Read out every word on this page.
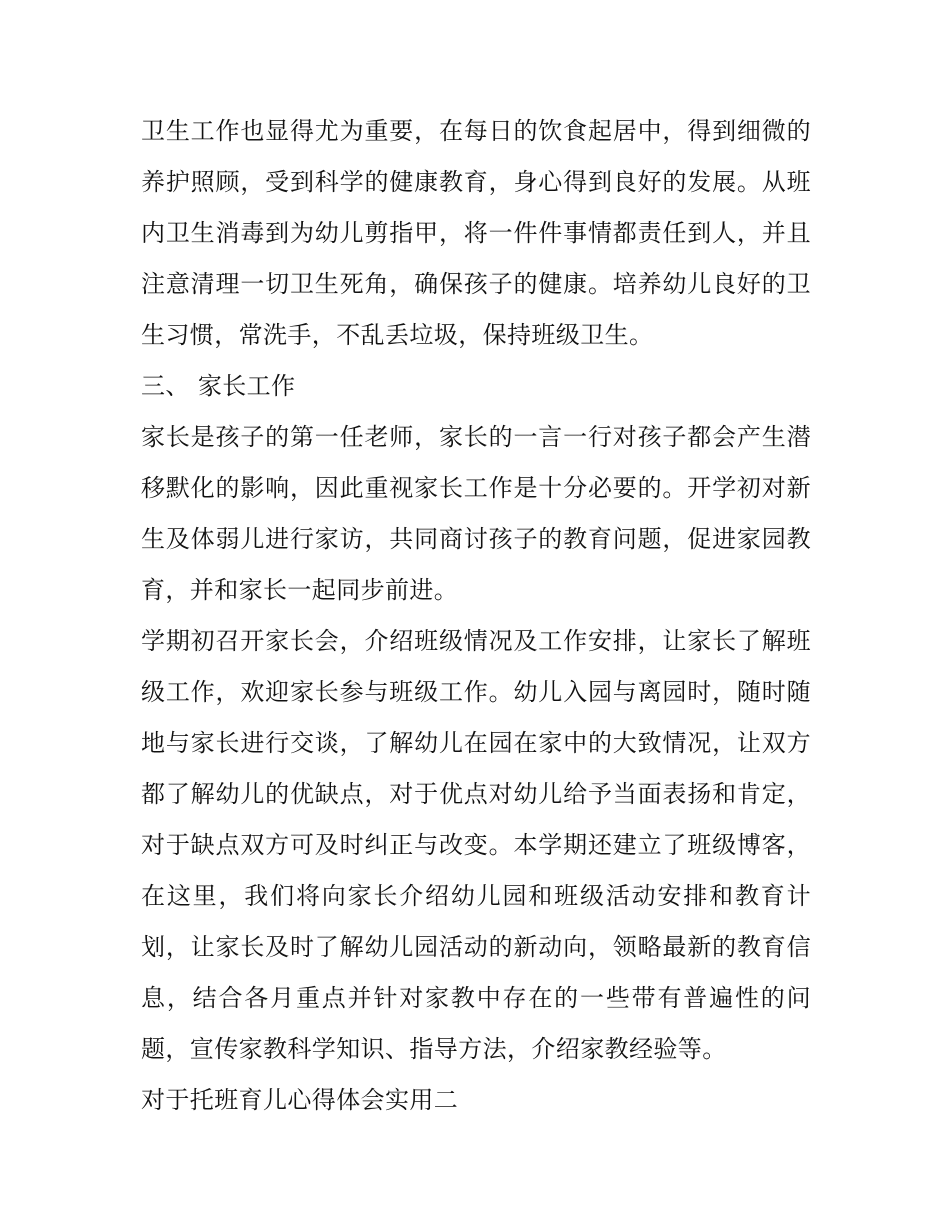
卫生工作也显得尤为重要，在每日的饮食起居中，得到细微的
养护照顾，受到科学的健康教育，身心得到良好的发展。从班
内卫生消毒到为幼儿剪指甲，将一件件事情都责任到人，并且
注意清理一切卫生死角，确保孩子的健康。培养幼儿良好的卫
生习惯，常洗手，不乱丢垃圾，保持班级卫生。
三、 家长工作
家长是孩子的第一任老师，家长的一言一行对孩子都会产生潜
移默化的影响，因此重视家长工作是十分必要的。开学初对新
生及体弱儿进行家访，共同商讨孩子的教育问题，促进家园教
育，并和家长一起同步前进。
学期初召开家长会，介绍班级情况及工作安排，让家长了解班
级工作，欢迎家长参与班级工作。幼儿入园与离园时，随时随
地与家长进行交谈，了解幼儿在园在家中的大致情况，让双方
都了解幼儿的优缺点，对于优点对幼儿给予当面表扬和肯定，
对于缺点双方可及时纠正与改变。本学期还建立了班级博客，
在这里，我们将向家长介绍幼儿园和班级活动安排和教育计
划，让家长及时了解幼儿园活动的新动向，领略最新的教育信
息，结合各月重点并针对家教中存在的一些带有普遍性的问
题，宣传家教科学知识、指导方法，介绍家教经验等。
对于托班育儿心得体会实用二
